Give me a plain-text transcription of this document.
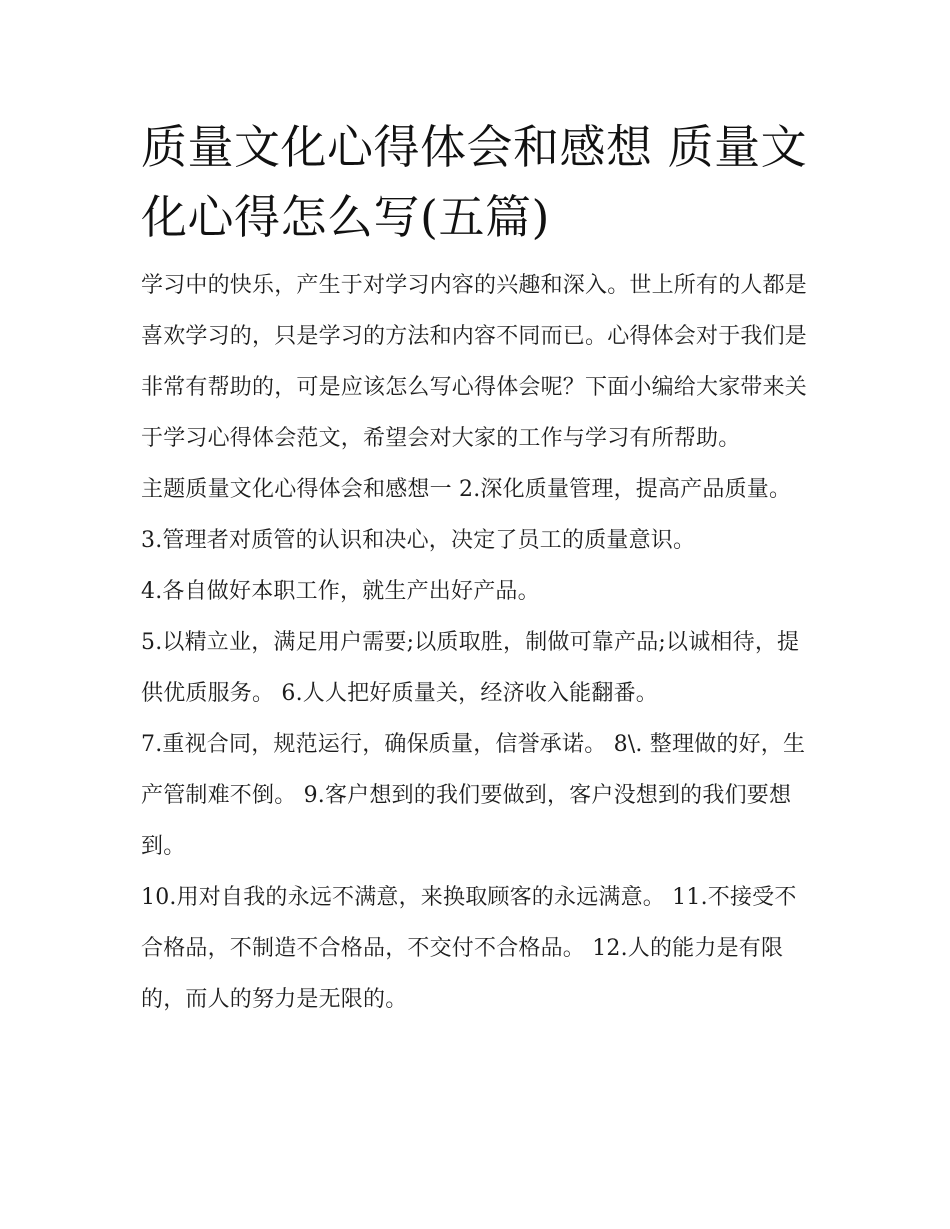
质量文化心得体会和感想 质量文化心得怎么写(五篇)

学习中的快乐，产生于对学习内容的兴趣和深入。世上所有的人都是喜欢学习的，只是学习的方法和内容不同而已。心得体会对于我们是非常有帮助的，可是应该怎么写心得体会呢？下面小编给大家带来关于学习心得体会范文，希望会对大家的工作与学习有所帮助。

主题质量文化心得体会和感想一 2.深化质量管理，提高产品质量。 3.管理者对质管的认识和决心，决定了员工的质量意识。

4.各自做好本职工作，就生产出好产品。

5.以精立业，满足用户需要;以质取胜，制做可靠产品;以诚相待，提供优质服务。 6.人人把好质量关，经济收入能翻番。

7.重视合同，规范运行，确保质量，信誉承诺。 8\. 整理做的好，生产管制难不倒。 9.客户想到的我们要做到，客户没想到的我们要想到。

10.用对自我的永远不满意，来换取顾客的永远满意。 11.不接受不合格品，不制造不合格品，不交付不合格品。 12.人的能力是有限的，而人的努力是无限的。
